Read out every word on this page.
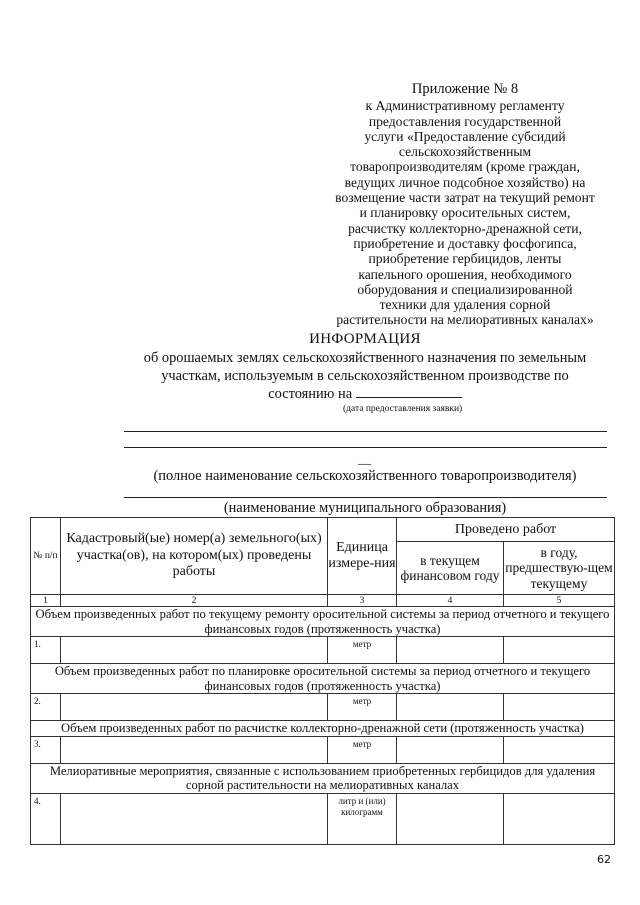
Приложение № 8
к Административному регламенту
предоставления государственной
услуги «Предоставление субсидий
сельскохозяйственным
товаропроизводителям (кроме граждан,
ведущих личное подсобное хозяйство) на
возмещение части затрат на текущий ремонт
и планировку оросительных систем,
расчистку коллекторно-дренажной сети,
приобретение и доставку фосфогипса,
приобретение гербицидов, ленты
капельного орошения, необходимого
оборудования и специализированной
техники для удаления сорной
растительности на мелиоративных каналах»
ИНФОРМАЦИЯ
об орошаемых землях сельскохозяйственного назначения по земельным участкам, используемым в сельскохозяйственном производстве по состоянию на
(дата предоставления заявки)
__
(полное наименование сельскохозяйственного товаропроизводителя)
(наименование муниципального образования)
№ п/п	Кадастровый(ые) номер(а) земельного(ых) участка(ов), на котором(ых) проведены работы	Единица измере-ния	Проведено работ	
			в текущем финансовом году	в году, предшествую-щем текущему
1	2	3	4	5
Объем произведенных работ по текущему ремонту оросительной системы за период отчетного и текущего финансовых годов (протяженность участка)				
1.		метр		
Объем произведенных работ по планировке оросительной системы за период отчетного и текущего финансовых годов (протяженность участка)				
2.		метр		
Объем произведенных работ по расчистке коллекторно-дренажной сети (протяженность участка)				
3.		метр		
Мелиоративные мероприятия, связанные с использованием приобретенных гербицидов для удаления сорной растительности на мелиоративных каналах				
4.		литр и (или) килограмм		
62
